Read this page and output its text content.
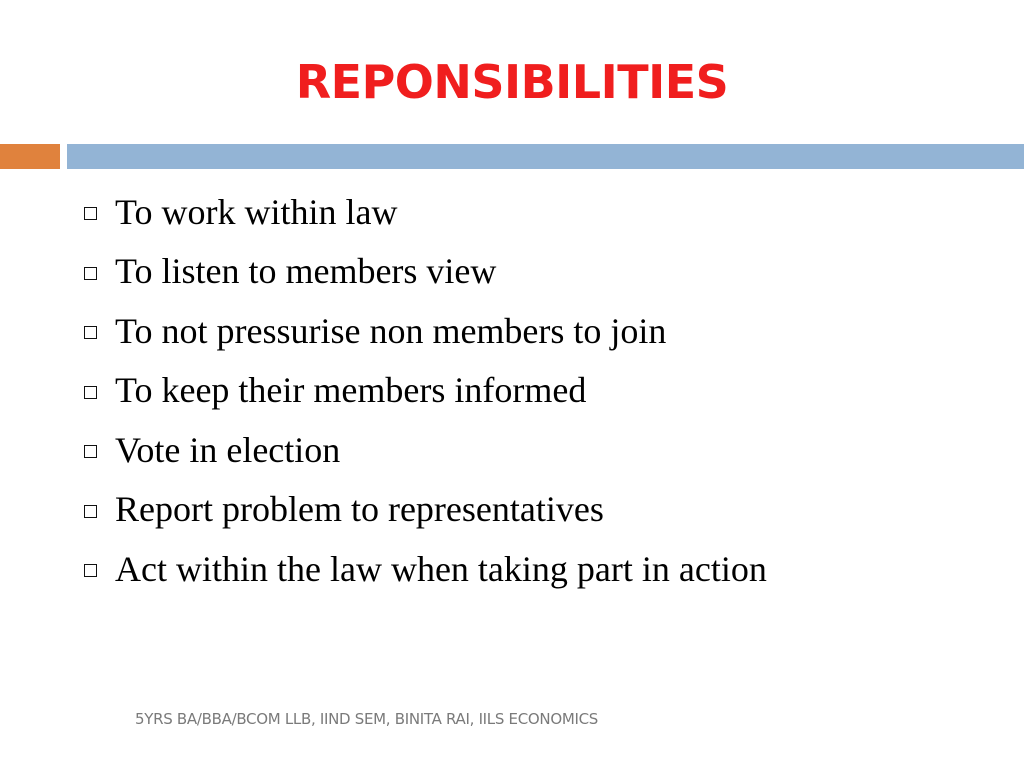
REPONSIBILITIES
To work within law
To listen to members view
To not pressurise non members to join
To keep their members informed
Vote in election
Report problem to representatives
Act within the law when taking part in action
5YRS BA/BBA/BCOM LLB, IIND SEM, BINITA RAI, IILS ECONOMICS
